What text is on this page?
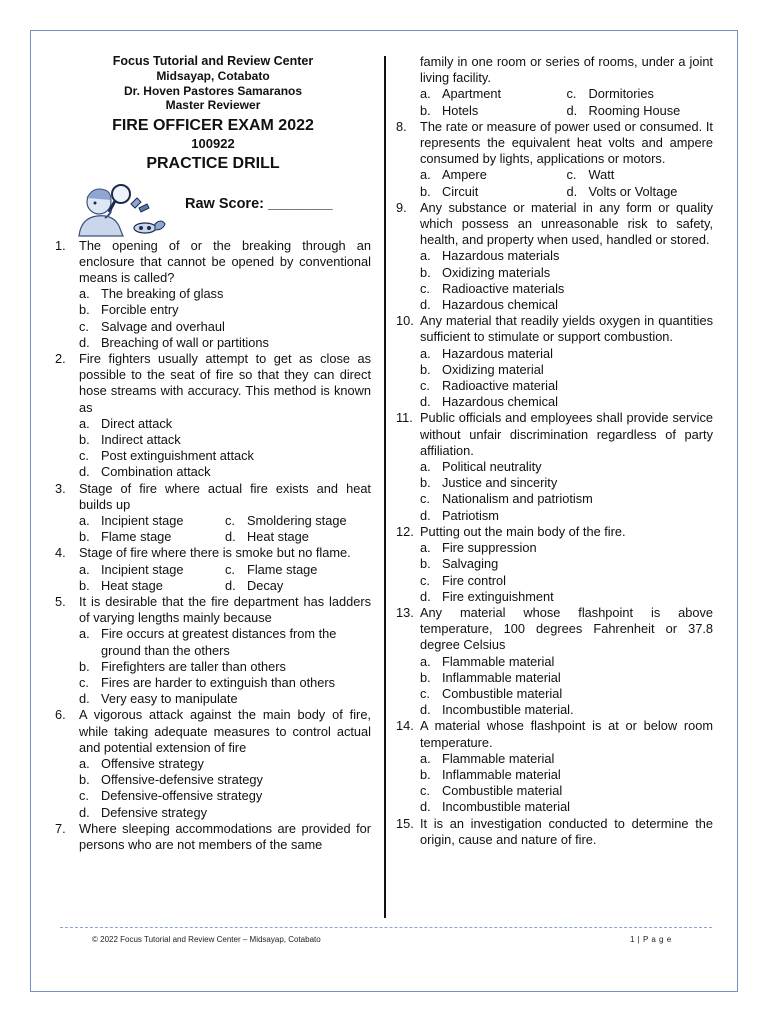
Focus Tutorial and Review Center
Midsayap, Cotabato
Dr. Hoven Pastores Samaranos
Master Reviewer
FIRE OFFICER EXAM 2022
100922
PRACTICE DRILL
Raw Score: ________
1.	The opening of or the breaking through an enclosure that cannot be opened by conventional means is called?
a. The breaking of glass
b. Forcible entry
c. Salvage and overhaul
d. Breaching of wall or partitions
2.	Fire fighters usually attempt to get as close as possible to the seat of fire so that they can direct hose streams with accuracy. This method is known as
a. Direct attack
b. Indirect attack
c. Post extinguishment attack
d. Combination attack
3.	Stage of fire where actual fire exists and heat builds up
a. Incipient stage	c. Smoldering stage
b. Flame stage	d. Heat stage
4.	Stage of fire where there is smoke but no flame.
a. Incipient stage	c. Flame stage
b. Heat stage	d. Decay
5.	It is desirable that the fire department has ladders of varying lengths mainly because
a. Fire occurs at greatest distances from the ground than the others
b. Firefighters are taller than others
c. Fires are harder to extinguish than others
d. Very easy to manipulate
6.	A vigorous attack against the main body of fire, while taking adequate measures to control actual and potential extension of fire
a. Offensive strategy
b. Offensive-defensive strategy
c. Defensive-offensive strategy
d. Defensive strategy
7.	Where sleeping accommodations are provided for persons who are not members of the same
family in one room or series of rooms, under a joint living facility.
a. Apartment	c. Dormitories
b. Hotels	d. Rooming House
8.	The rate or measure of power used or consumed. It represents the equivalent heat volts and ampere consumed by lights, applications or motors.
a. Ampere	c. Watt
b. Circuit	d. Volts or Voltage
9.	Any substance or material in any form or quality which possess an unreasonable risk to safety, health, and property when used, handled or stored.
a. Hazardous materials
b. Oxidizing materials
c. Radioactive materials
d. Hazardous chemical
10. Any material that readily yields oxygen in quantities sufficient to stimulate or support combustion.
a. Hazardous material
b. Oxidizing material
c. Radioactive material
d. Hazardous chemical
11. Public officials and employees shall provide service without unfair discrimination regardless of party affiliation.
a. Political neutrality
b. Justice and sincerity
c. Nationalism and patriotism
d. Patriotism
12. Putting out the main body of the fire.
a. Fire suppression
b. Salvaging
c. Fire control
d. Fire extinguishment
13. Any material whose flashpoint is above temperature, 100 degrees Fahrenheit or 37.8 degree Celsius
a. Flammable material
b. Inflammable material
c. Combustible material
d. Incombustible material.
14. A material whose flashpoint is at or below room temperature.
a. Flammable material
b. Inflammable material
c. Combustible material
d. Incombustible material
15. It is an investigation conducted to determine the origin, cause and nature of fire.
© 2022 Focus Tutorial and Review Center – Midsayap, Cotabato	1 | P a g e
